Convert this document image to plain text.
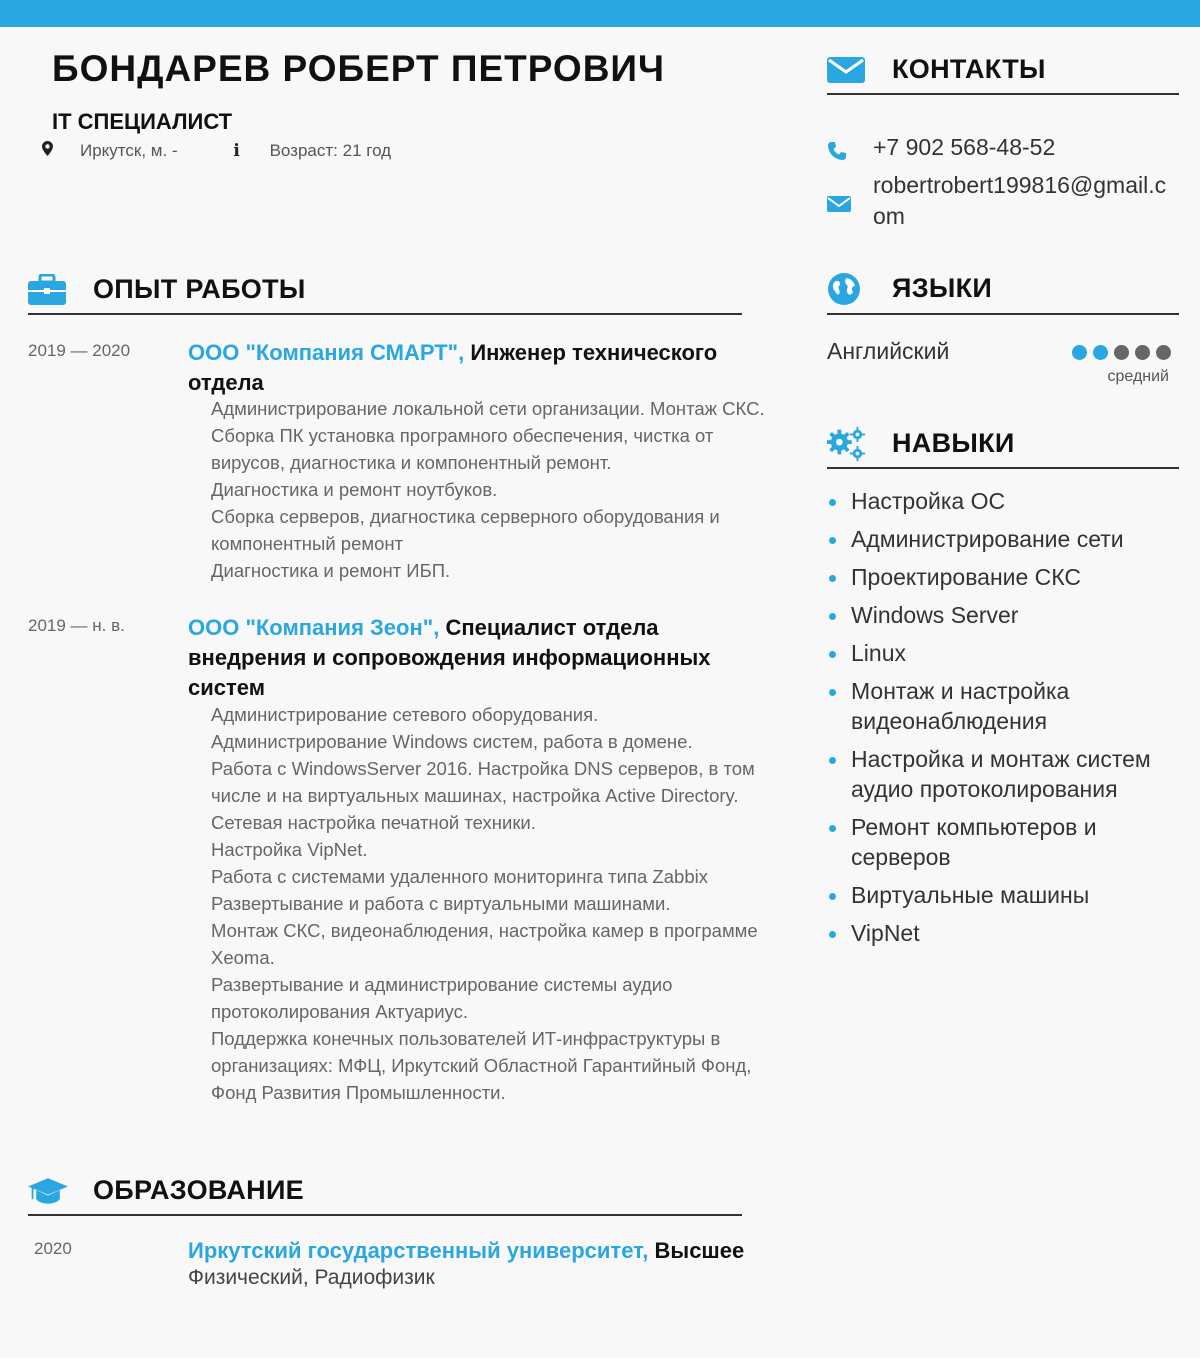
БОНДАРЕВ РОБЕРТ ПЕТРОВИЧ
IT СПЕЦИАЛИСТ
Иркутск, м. -	i Возраст: 21 год
ОПЫТ РАБОТЫ
2019 — 2020	ООО "Компания СМАРТ", Инженер технического отдела
Администрирование локальной сети организации. Монтаж СКС.
Сборка ПК установка програмного обеспечения, чистка от вирусов, диагностика и компонентный ремонт.
Диагностика и ремонт ноутбуков.
Сборка серверов, диагностика серверного оборудования и компонентный ремонт
Диагностика и ремонт ИБП.
2019 — н. в.	ООО "Компания Зеон", Специалист отдела внедрения и сопровождения информационных систем
Администрирование сетевого оборудования.
Администрирование Windows систем, работа в домене.
Работа с WindowsServer 2016. Настройка DNS серверов, в том числе и на виртуальных машинах, настройка Active Directory.
Сетевая настройка печатной техники.
Настройка VipNet.
Работа с системами удаленного мониторинга типа Zabbix
Развертывание и работа с виртуальными машинами.
Монтаж СКС, видеонаблюдения, настройка камер в программе Xeoma.
Развертывание и администрирование системы аудио протоколирования Актуариус.
Поддержка конечных пользователей ИТ-инфраструктуры в организациях: МФЦ, Иркутский Областной Гарантийный Фонд, Фонд Развития Промышленности.
ОБРАЗОВАНИЕ
2020	Иркутский государственный университет, Высшее
Физический, Радиофизик
КОНТАКТЫ
+7 902 568-48-52
robertrobert199816@gmail.com
ЯЗЫКИ
Английский
средний
НАВЫКИ
Настройка ОС
Администрирование сети
Проектирование СКС
Windows Server
Linux
Монтаж и настройка видеонаблюдения
Настройка и монтаж систем аудио протоколирования
Ремонт компьютеров и серверов
Виртуальные машины
VipNet
